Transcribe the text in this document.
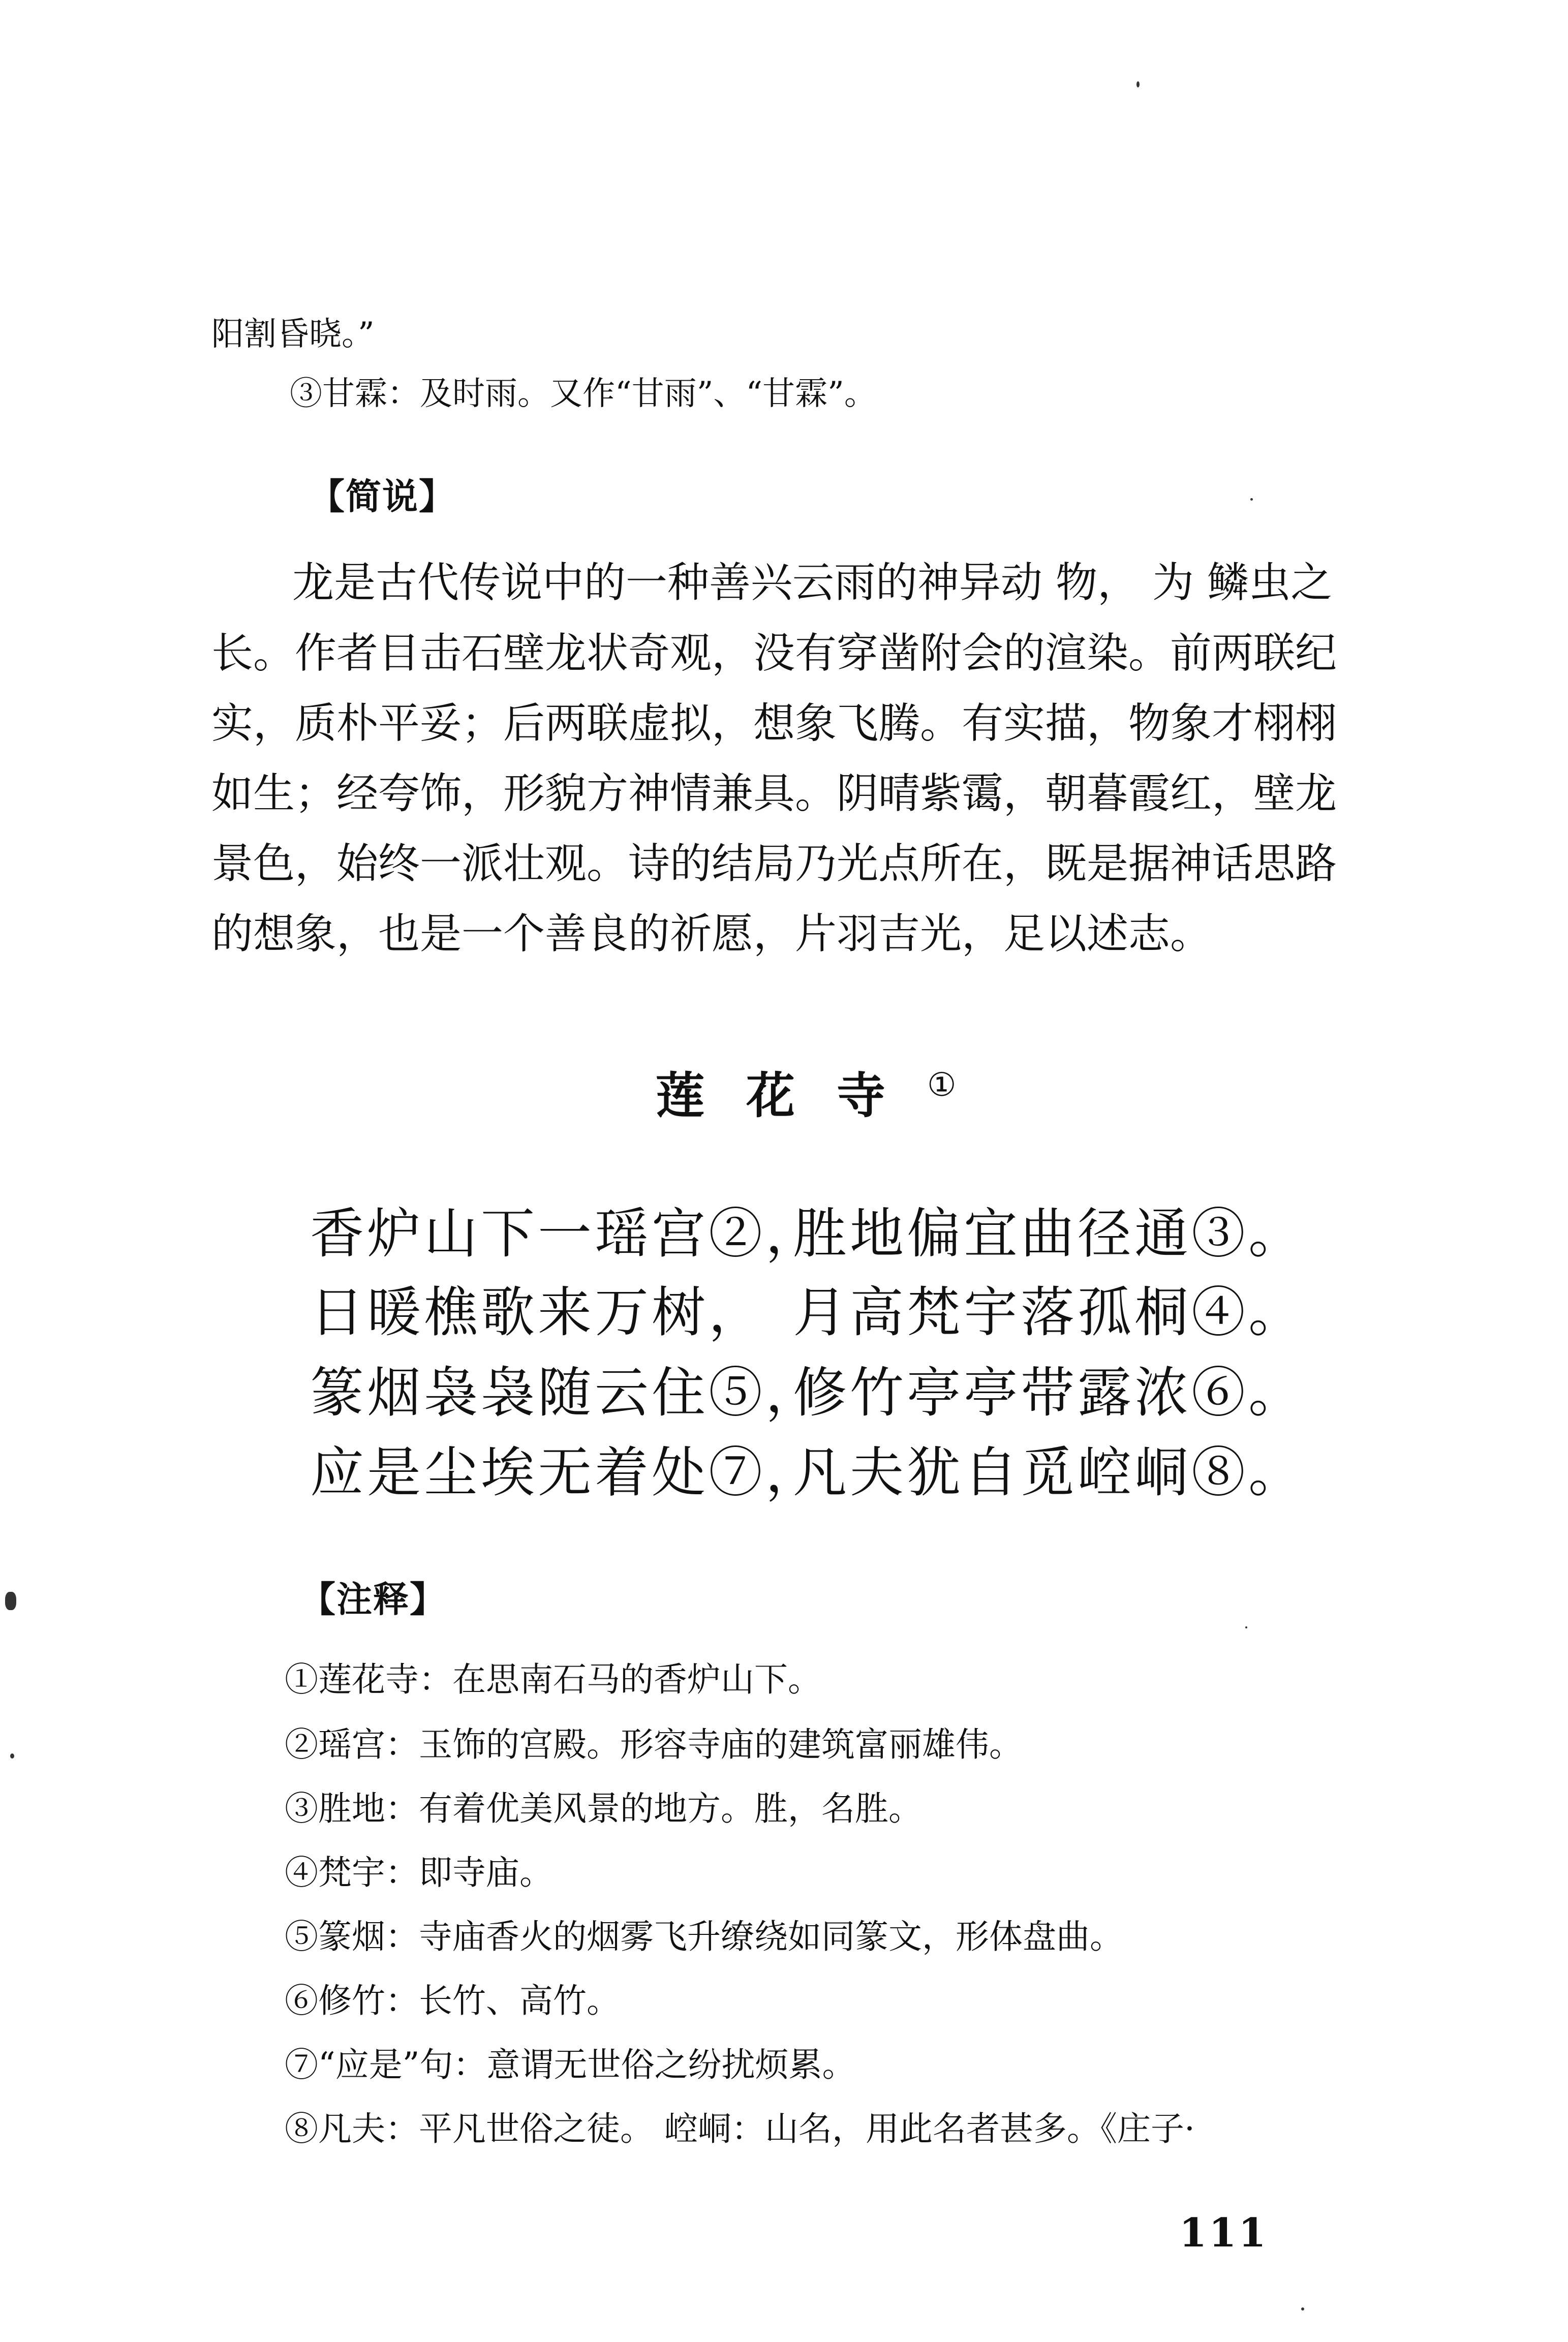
阳割昏晓。”
③甘霖：及时雨。又作“甘雨”、“甘霖”。
【简说】
龙是古代传说中的一种善兴云雨的神异动 物， 为 鳞虫之
长。作者目击石壁龙状奇观，没有穿凿附会的渲染。前两联纪
实，质朴平妥；后两联虚拟，想象飞腾。有实描，物象才栩栩
如生；经夸饰，形貌方神情兼具。阴晴紫霭，朝暮霞红，壁龙
景色，始终一派壮观。诗的结局乃光点所在，既是据神话思路
的想象，也是一个善良的祈愿，片羽吉光，足以述志。
莲花寺①
香炉山下一瑶宫②，胜地偏宜曲径通③。
日暖樵歌来万树， 月高梵宇落孤桐④。
篆烟袅袅随云住⑤，修竹亭亭带露浓⑥。
应是尘埃无着处⑦，凡夫犹自觅崆峒⑧。
【注释】
①莲花寺：在思南石马的香炉山下。
②瑶宫：玉饰的宫殿。形容寺庙的建筑富丽雄伟。
③胜地：有着优美风景的地方。胜，名胜。
④梵宇：即寺庙。
⑤篆烟：寺庙香火的烟雾飞升缭绕如同篆文，形体盘曲。
⑥修竹：长竹、高竹。
⑦“应是”句：意谓无世俗之纷扰烦累。
⑧凡夫：平凡世俗之徒。 崆峒：山名，用此名者甚多。《庄子·
111
